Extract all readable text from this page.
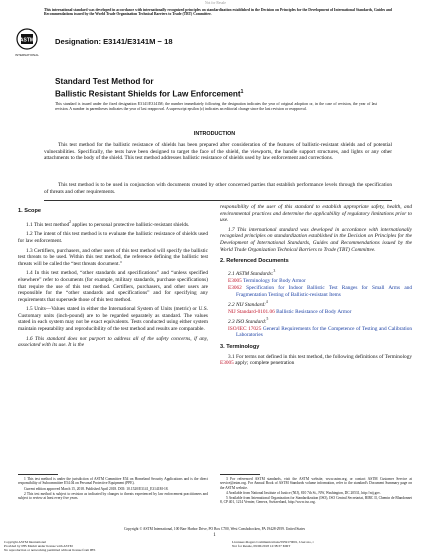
Not for Resale
This international standard was developed in accordance with internationally recognized principles on standardization established in the Decision on Principles for the Development of International Standards, Guides and Recommendations issued by the World Trade Organization Technical Barriers to Trade (TBT) Committee.
ASTM
INTERNATIONAL
Designation: E3141/E3141M − 18
Standard Test Method for
Ballistic Resistant Shields for Law Enforcement$^1$
This standard is issued under the fixed designation E3141/E3141M; the number immediately following the designation indicates the year of original adoption or, in the case of revision, the year of last revision. A number in parentheses indicates the year of last reapproval. A superscript epsilon (ε) indicates an editorial change since the last revision or reapproval.
INTRODUCTION
This test method for the ballistic resistance of shields has been prepared after consideration of the features of ballistic-resistant shields and of potential vulnerabilities. Specifically, the tests have been designed to target the face of the shield, the viewports, the handle support structures, and lights or any other attachments to the body of the shield. This test method addresses ballistic resistance of shields used by law enforcement and corrections.
This test method is to be used in conjunction with documents created by other concerned parties that establish performance levels through the specification of threats and other requirements.
1. Scope

1.1 This test method$^2$ applies to personal protective ballistic-resistant shields.

1.2 The intent of this test method is to evaluate the ballistic resistance of shields used for law enforcement.

1.3 Certifiers, purchasers, and other users of this test method will specify the ballistic test threats to be used. Within this test method, the reference defining the ballistic test threats will be called the “test threats document.”

1.4 In this test method, “other standards and specifications” and “unless specified elsewhere” refer to documents (for example, military standards, purchase specifications) that require the use of this test method. Certifiers, purchasers, and other users are responsible for the “other standards and specifications” and for specifying any requirements that supersede those of this test method.

1.5 Units—Values stated in either the International System of Units (metric) or U.S. Customary units (inch-pound) are to be regarded separately as standard. The values stated in each system may not be exact equivalents. Tests conducted using either system maintain repeatability and reproducibility of the test method and results are comparable.

1.6 This standard does not purport to address all of the safety concerns, if any, associated with its use. It is the

responsibility of the user of this standard to establish appropriate safety, health, and environmental practices and determine the applicability of regulatory limitations prior to use.

1.7 This international standard was developed in accordance with internationally recognized principles on standardization established in the Decision on Principles for the Development of International Standards, Guides and Recommendations issued by the World Trade Organization Technical Barriers to Trade (TBT) Committee.

2. Referenced Documents

2.1 ASTM Standards:$^3$

E3005 Terminology for Body Armor

E3062 Specification for Indoor Ballistic Test Ranges for Small Arms and Fragmentation Testing of Ballistic-resistant Items

2.2 NIJ Standard:$^4$

NIJ Standard-0101.06 Ballistic Resistance of Body Armor

2.3 ISO Standard:$^5$

ISO/IEC 17025 General Requirements for the Competence of Testing and Calibration Laboratories

3. Terminology

3.1 For terms not defined in this test method, the following definitions of Terminology E3005 apply; complete penetration

1 This test method is under the jurisdiction of ASTM Committee E54 on Homeland Security Applications and is the direct responsibility of Subcommittee E54.04 on Personal Protective Equipment (PPE).

Current edition approved March 15, 2018. Published April 2018. DOI: 10.1520/E3141_E3141M-18.

2 This test method is subject to revision as indicated by changes to threats experienced by law enforcement practitioners and subject to review at least every five years.

3 For referenced ASTM standards, visit the ASTM website, www.astm.org, or contact ASTM Customer Service at service@astm.org. For Annual Book of ASTM Standards volume information, refer to the standard's Document Summary page on the ASTM website.

4 Available from National Institute of Justice (NIJ), 810 7th St., NW, Washington, DC 20531, http://nij.gov.

5 Available from International Organization for Standardization (ISO), ISO Central Secretariat, BIBC II, Chemin de Blandonnet 8, CP 401, 1214 Vernier, Geneva, Switzerland, http://www.iso.org.

Copyright © ASTM International, 100 Barr Harbor Drive, PO Box C700, West Conshohocken, PA 19428-2959. United States
1
Copyright ASTM International
Provided by IHS Markit under license with ASTM
No reproduction or networking permitted without license from IHS
Licensee=Rogers Communications/5959170001, User=no, r
Not for Resale, 09/06/2018 12:38:37 MDT
